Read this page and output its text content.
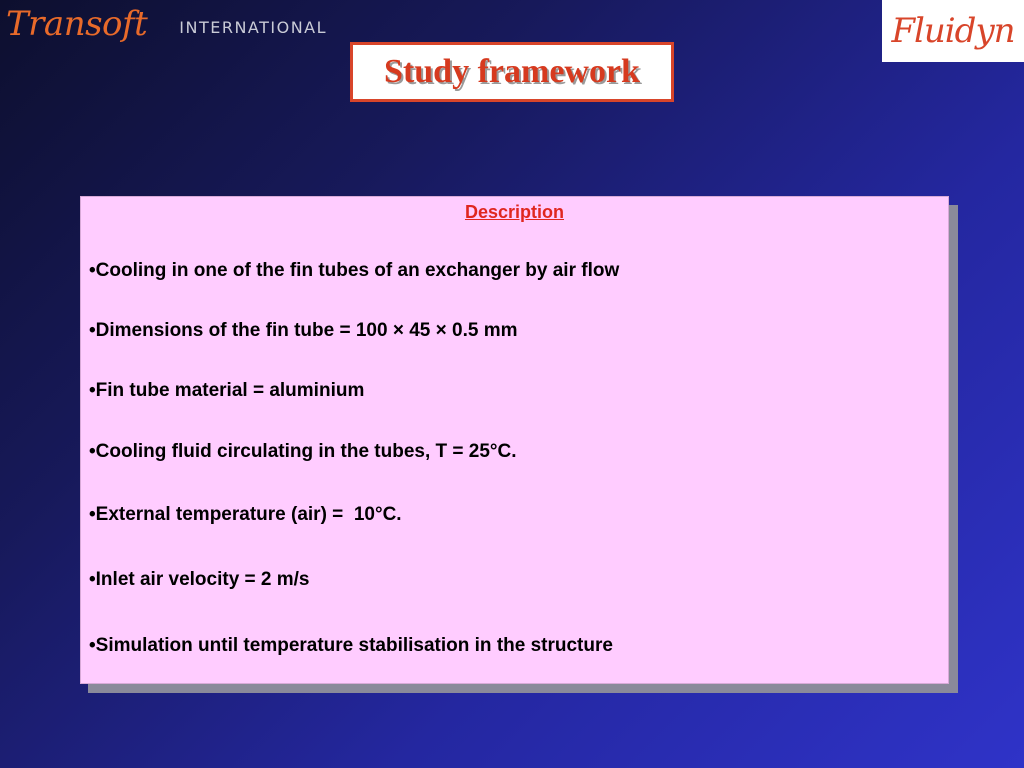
Transoft INTERNATIONAL	Fluidyn
Study framework
Description
•Cooling in one of the fin tubes of an exchanger by air flow
•Dimensions of the fin tube = 100 × 45 × 0.5 mm
•Fin tube material = aluminium
•Cooling fluid circulating in the tubes, T = 25°C.
•External temperature (air) =  10°C.
•Inlet air velocity = 2 m/s
•Simulation until temperature stabilisation in the structure
